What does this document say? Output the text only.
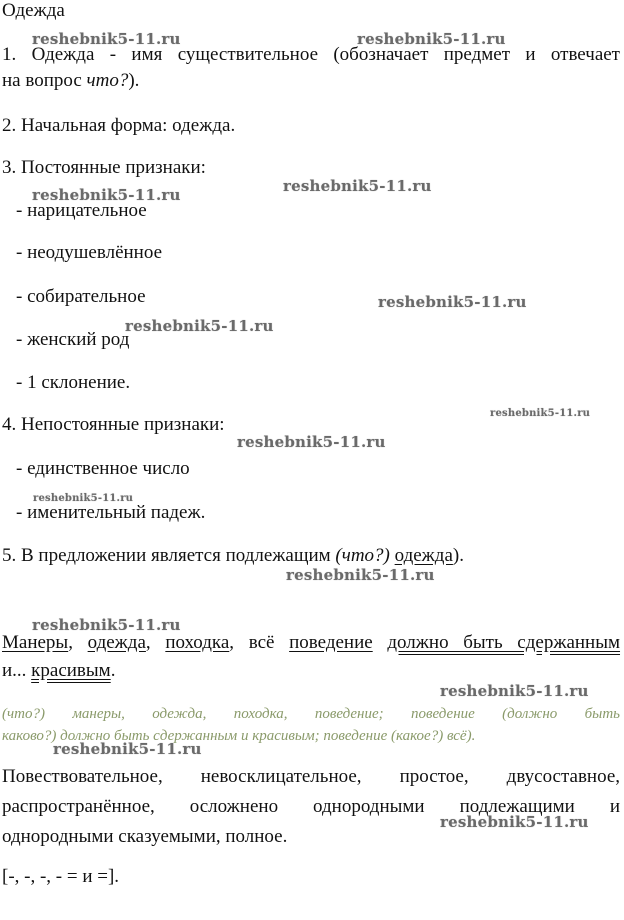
reshebnik5-11.ru	reshebnik5-11.ru
reshebnik5-11.ru	reshebnik5-11.ru
reshebnik5-11.ru
reshebnik5-11.ru
reshebnik5-11.ru
reshebnik5-11.ru
reshebnik5-11.ru
reshebnik5-11.ru
reshebnik5-11.ru
reshebnik5-11.ru
reshebnik5-11.ru
reshebnik5-11.ru
Одежда
1. Одежда - имя существительное (обозначает предмет и отвечает
на вопрос что?).
2. Начальная форма: одежда.
3. Постоянные признаки:
- нарицательное
- неодушевлённое
- собирательное
- женский род
- 1 склонение.
4. Непостоянные признаки:
- единственное число
- именительный падеж.
5. В предложении является подлежащим (что?) одежда).
Манеры, одежда, походка, всё поведение должно быть сдержанным
и... красивым.
(что?) манеры, одежда, походка, поведение; поведение (должно быть
каково?) должно быть сдержанным и красивым; поведение (какое?) всё).
Повествовательное, невосклицательное, простое, двусоставное,
распространённое, осложнено однородными подлежащими и
однородными сказуемыми, полное.
[-, -, -, - = и =].
